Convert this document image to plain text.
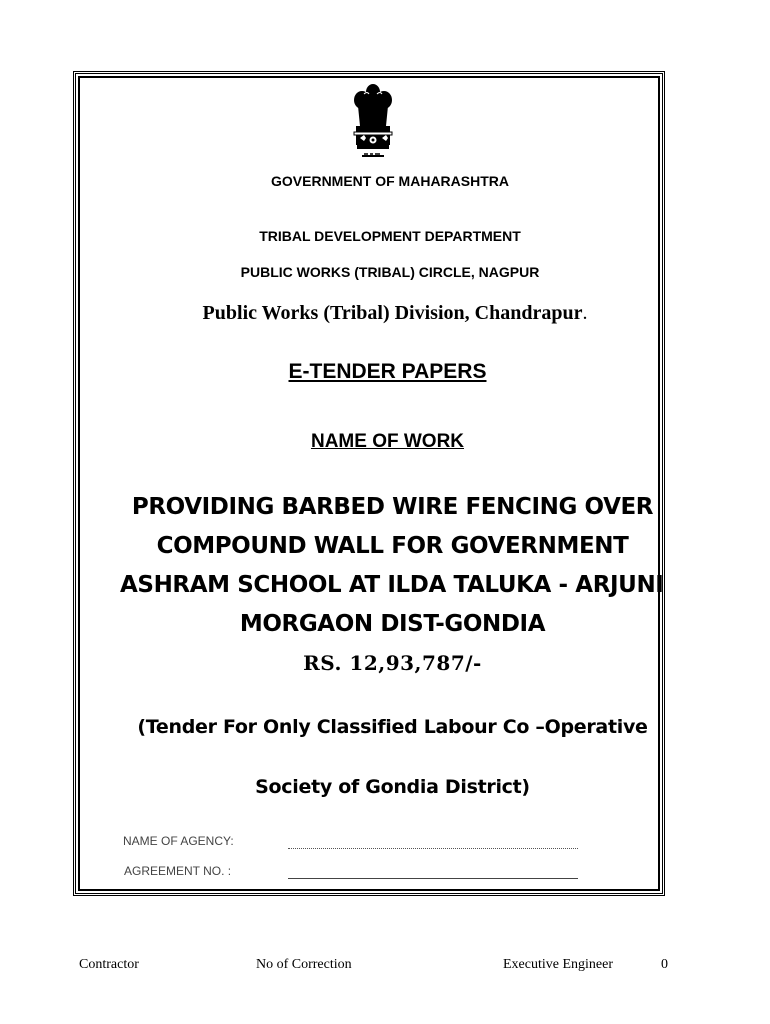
GOVERNMENT OF MAHARASHTRA
TRIBAL DEVELOPMENT DEPARTMENT
PUBLIC WORKS (TRIBAL) CIRCLE, NAGPUR
Public Works (Tribal) Division, Chandrapur.
E-TENDER PAPERS
NAME OF WORK
PROVIDING BARBED WIRE FENCING OVER
COMPOUND WALL FOR GOVERNMENT
ASHRAM SCHOOL AT ILDA TALUKA - ARJUNI
MORGAON DIST-GONDIA
RS. 12,93,787/-
(Tender For Only Classified Labour Co –Operative
Society of Gondia District)
NAME OF AGENCY:
AGREEMENT NO. :
Contractor	No of Correction	Executive Engineer	0
